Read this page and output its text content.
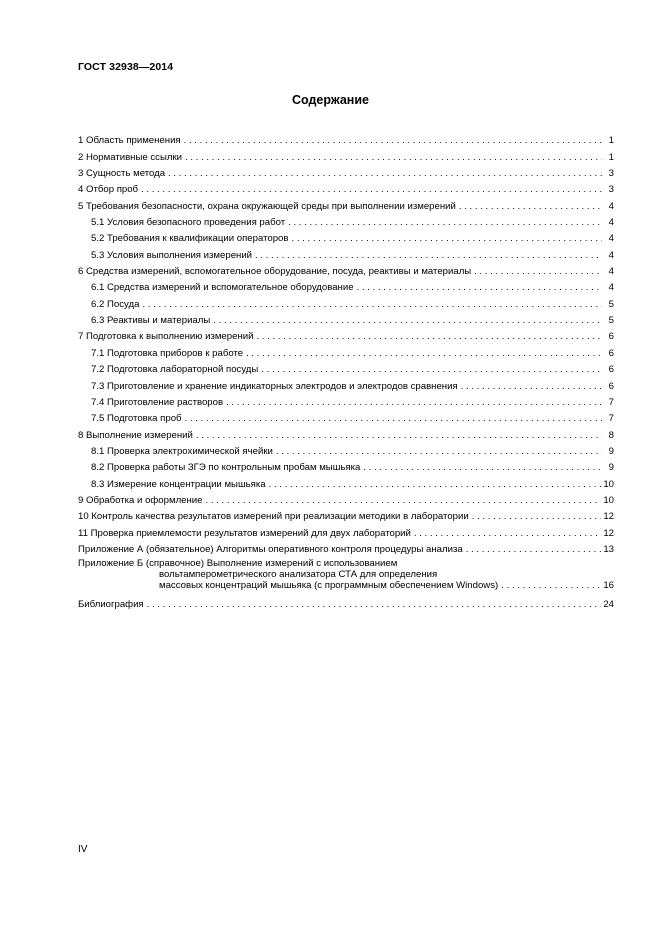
ГОСТ 32938—2014
Содержание
1 Область применения . . .	1
2 Нормативные ссылки . . .	1
3 Сущность метода . . .	3
4 Отбор проб . . .	3
5 Требования безопасности, охрана окружающей среды при выполнении измерений . . .	4
5.1 Условия безопасного проведения работ . . .	4
5.2 Требования к квалификации операторов . . .	4
5.3 Условия выполнения измерений . . .	4
6 Средства измерений, вспомогательное оборудование, посуда, реактивы и материалы . . .	4
6.1 Средства измерений и вспомогательное оборудование . . .	4
6.2 Посуда . . .	5
6.3 Реактивы и материалы . . .	5
7 Подготовка к выполнению измерений . . .	6
7.1 Подготовка приборов к работе . . .	6
7.2 Подготовка лабораторной посуды . . .	6
7.3 Приготовление и хранение индикаторных электродов и электродов сравнения . . .	6
7.4 Приготовление растворов . . .	7
7.5 Подготовка проб . . .	7
8 Выполнение измерений . . .	8
8.1 Проверка электрохимической ячейки . . .	9
8.2 Проверка работы ЗГЭ по контрольным пробам мышьяка . . .	9
8.3 Измерение концентрации мышьяка . . .	10
9 Обработка и оформление . . .	10
10 Контроль качества результатов измерений при реализации методики в лаборатории . . .	12
11 Проверка приемлемости результатов измерений для двух лабораторий . . .	12
Приложение А (обязательное) Алгоритмы оперативного контроля процедуры анализа . . .	13
Приложение Б (справочное) Выполнение измерений с использованием
вольтамперометрического анализатора СТА для определения
массовых концентраций мышьяка (с программным обеспечением Windows) . . .	16
Библиография . . .	24
IV
